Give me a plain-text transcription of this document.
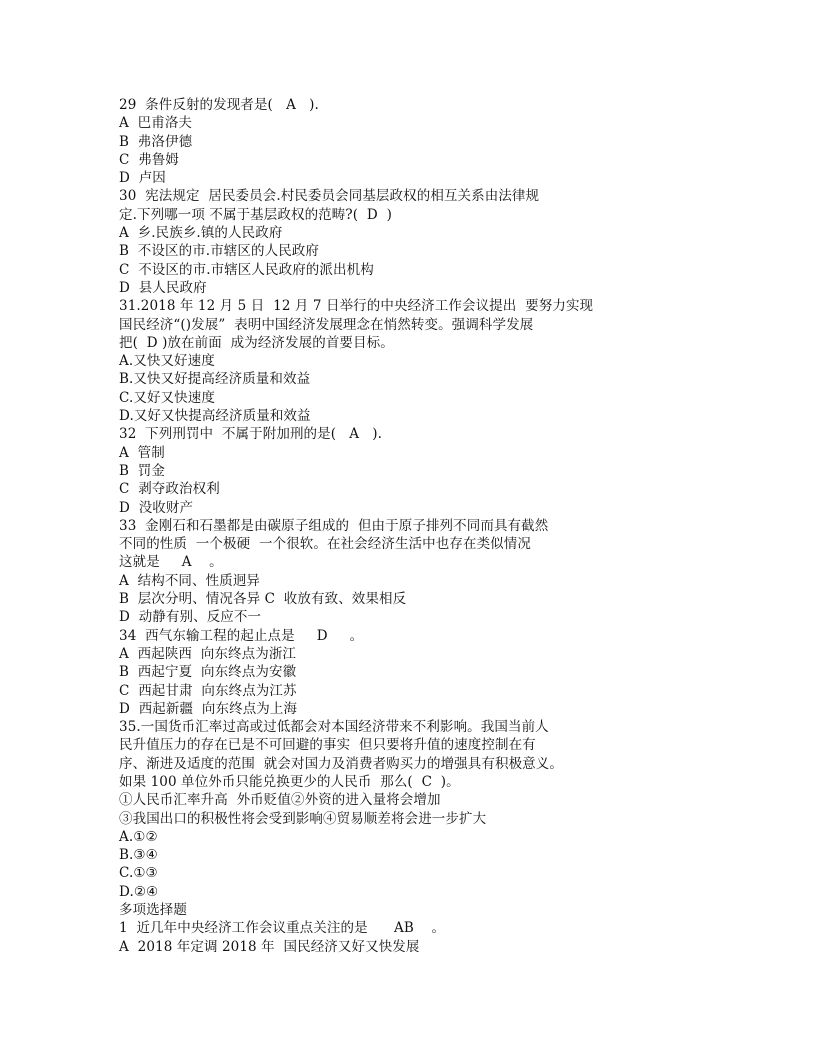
29  条件反射的发现者是(   A   ).
A  巴甫洛夫
B  弗洛伊德
C  弗鲁姆
D  卢因
30  宪法规定  居民委员会.村民委员会同基层政权的相互关系由法律规
定.下列哪一项 不属于基层政权的范畴?(  D  )
A  乡.民族乡.镇的人民政府
B  不设区的市.市辖区的人民政府
C  不设区的市.市辖区人民政府的派出机构
D  县人民政府
31.2018 年 12 月 5 日  12 月 7 日举行的中央经济工作会议提出  要努力实现
国民经济“()发展”  表明中国经济发展理念在悄然转变。强调科学发展
把(  D )放在前面  成为经济发展的首要目标。
A.又快又好速度
B.又快又好提高经济质量和效益
C.又好又快速度
D.又好又快提高经济质量和效益
32  下列刑罚中  不属于附加刑的是(   A   ).
A  管制
B  罚金
C  剥夺政治权利
D  没收财产
33  金刚石和石墨都是由碳原子组成的  但由于原子排列不同而具有截然
不同的性质  一个极硬  一个很软。在社会经济生活中也存在类似情况
这就是     A    。
A  结构不同、性质迥异
B  层次分明、情况各异 C  收放有致、效果相反
D  动静有别、反应不一
34  西气东输工程的起止点是     D     。
A  西起陕西  向东终点为浙江
B  西起宁夏  向东终点为安徽
C  西起甘肃  向东终点为江苏
D  西起新疆  向东终点为上海
35.一国货币汇率过高或过低都会对本国经济带来不利影响。我国当前人
民升值压力的存在已是不可回避的事实  但只要将升值的速度控制在有
序、渐进及适度的范围  就会对国力及消费者购买力的增强具有积极意义。
如果 100 单位外币只能兑换更少的人民币  那么(  C  )。
①人民币汇率升高  外币贬值②外资的进入量将会增加
③我国出口的积极性将会受到影响④贸易顺差将会进一步扩大
A.①②
B.③④
C.①③
D.②④
多项选择题
1  近几年中央经济工作会议重点关注的是      AB    。
A  2018 年定调 2018 年  国民经济又好又快发展
